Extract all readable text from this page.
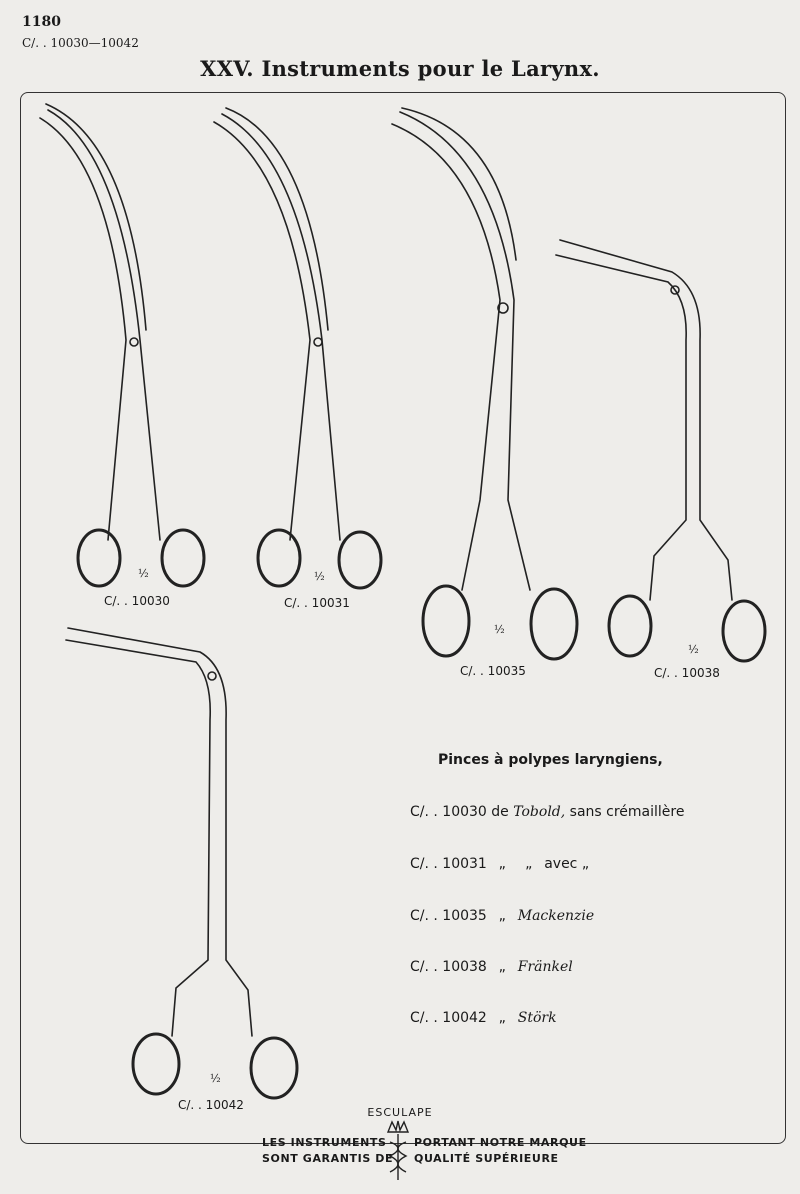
1180
C/. . 10030—10042
XXV. Instruments pour le Larynx.
½
C/. . 10030
½
C/. . 10031
½
C/. . 10035
½
C/. . 10038
½
C/. . 10042
Pinces à polypes laryngiens,
C/. . 10030 de Tobold, sans crémaillère
C/. . 10031 „ „ avec „
C/. . 10035 „ Mackenzie
C/. . 10038 „ Fränkel
C/. . 10042 „ Störk
ESCULAPE
LES INSTRUMENTS	PORTANT NOTRE MARQUE
SONT GARANTIS DE QUALITÉ SUPÉRIEURE
